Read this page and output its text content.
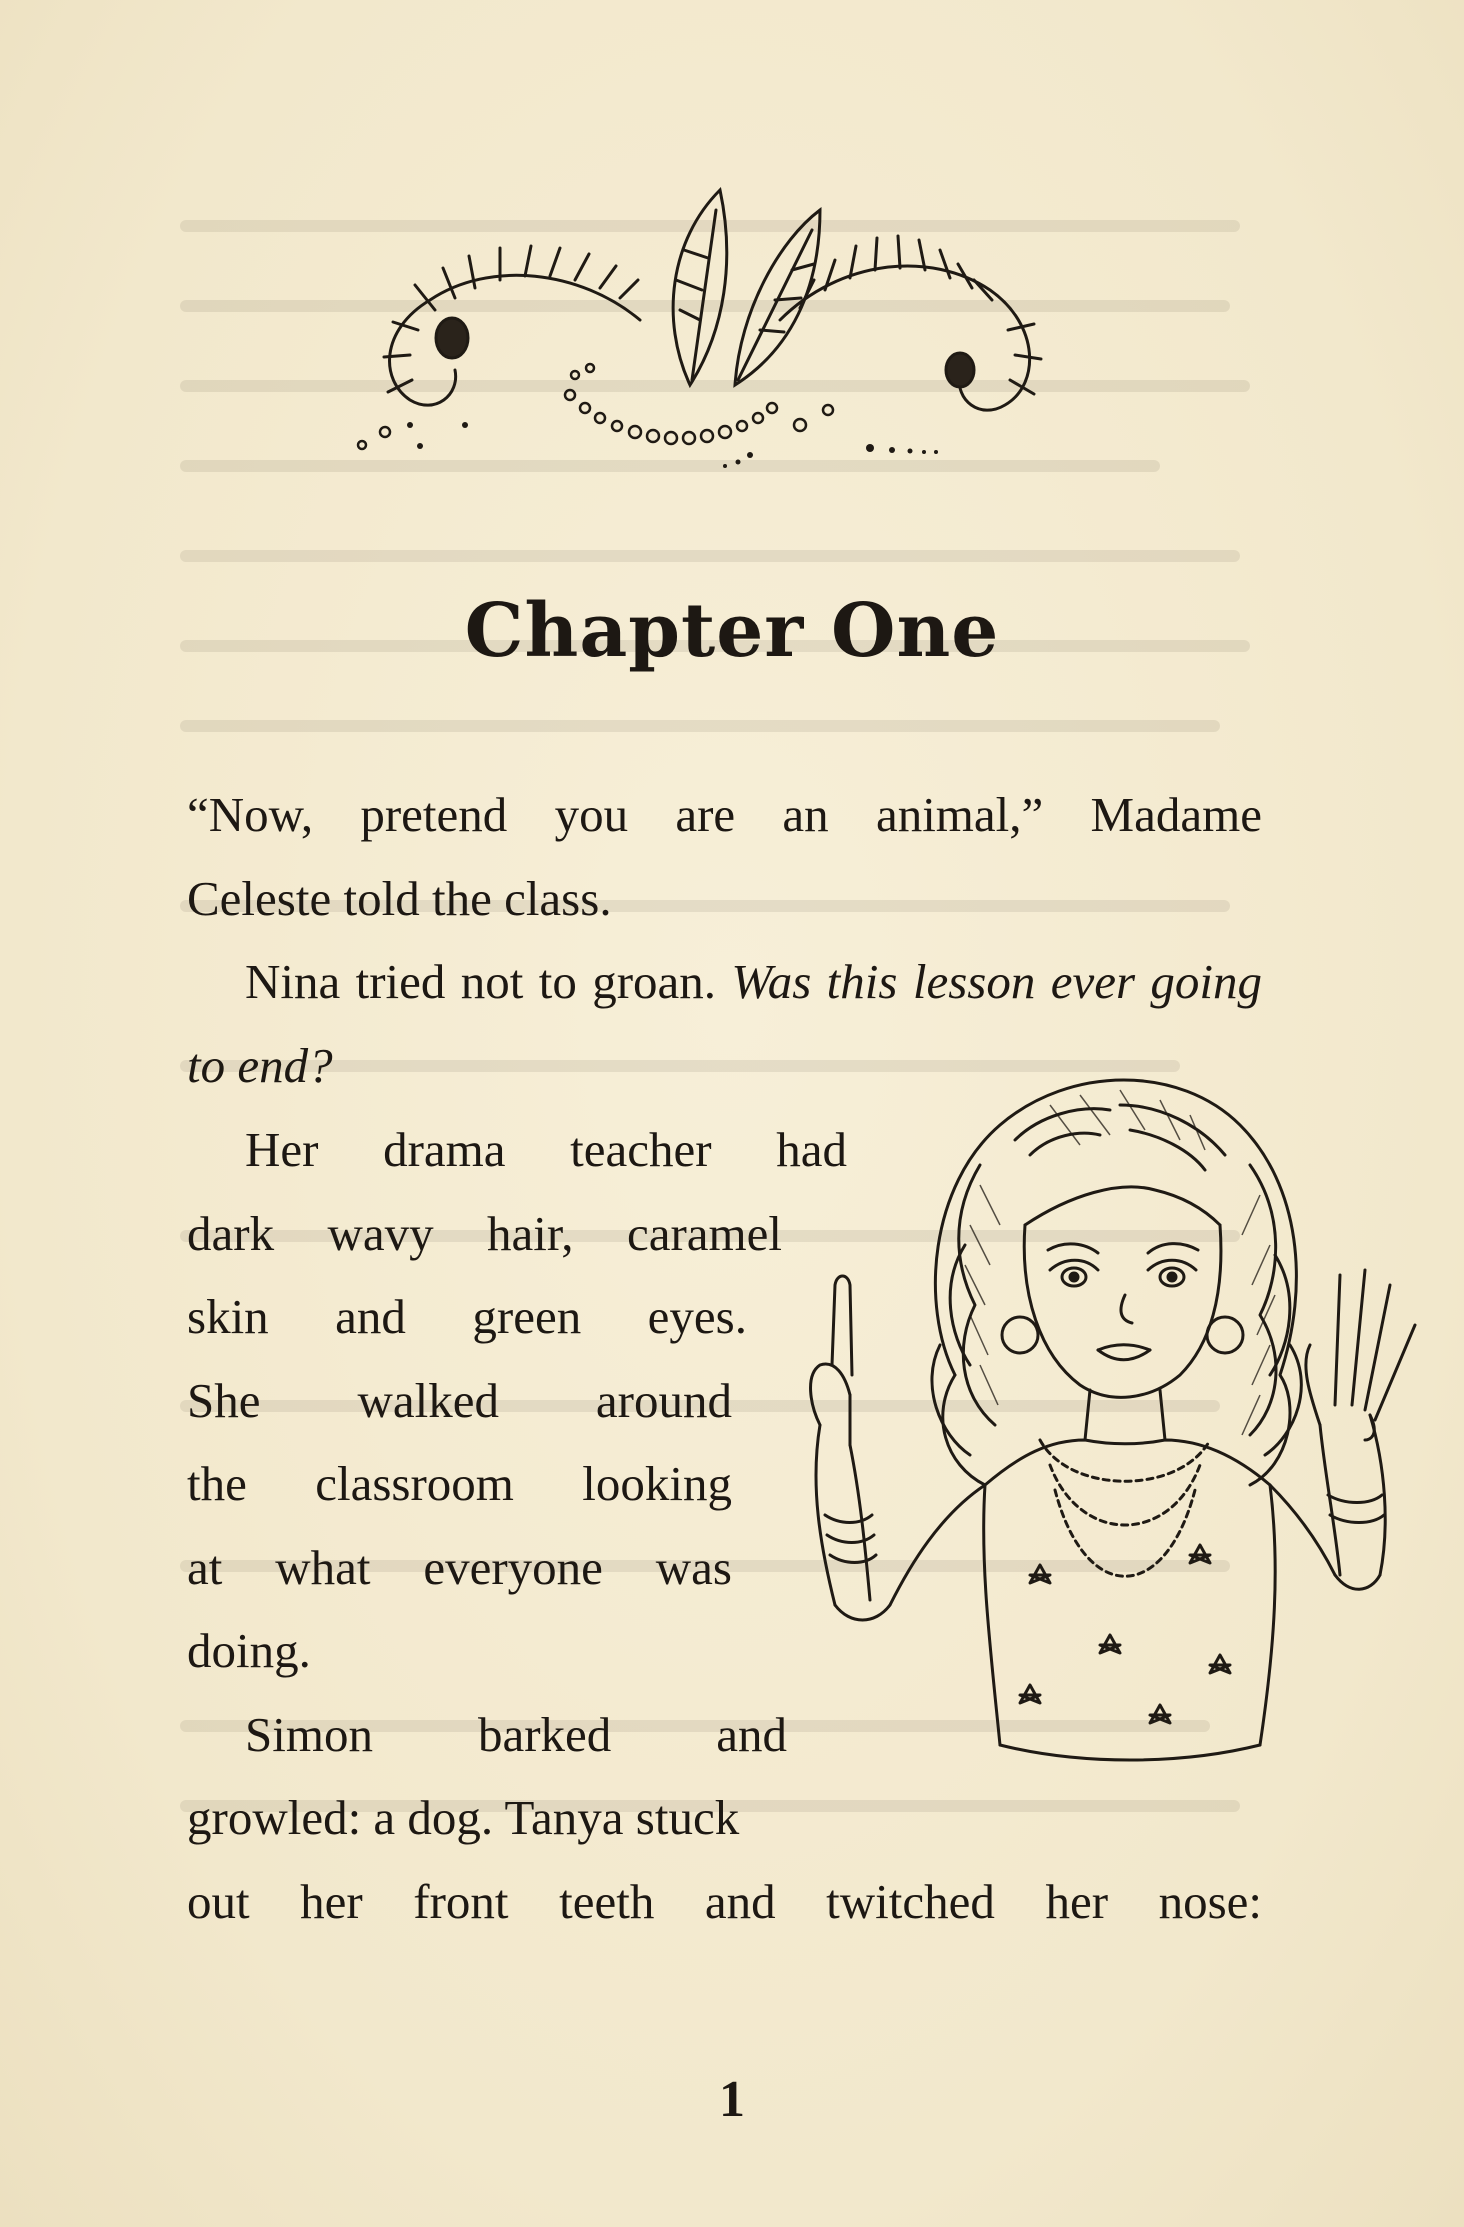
Chapter One

“Now, pretend you are an animal,” Madame
Celeste told the class.

Nina tried not to groan. Was this lesson ever going to end?

Her drama teacher had
dark wavy hair, caramel
skin and green eyes.
She walked around
the classroom looking
at what everyone was
doing.

Simon barked and
growled: a dog. Tanya stuck

out her front teeth and twitched her nose:
1
